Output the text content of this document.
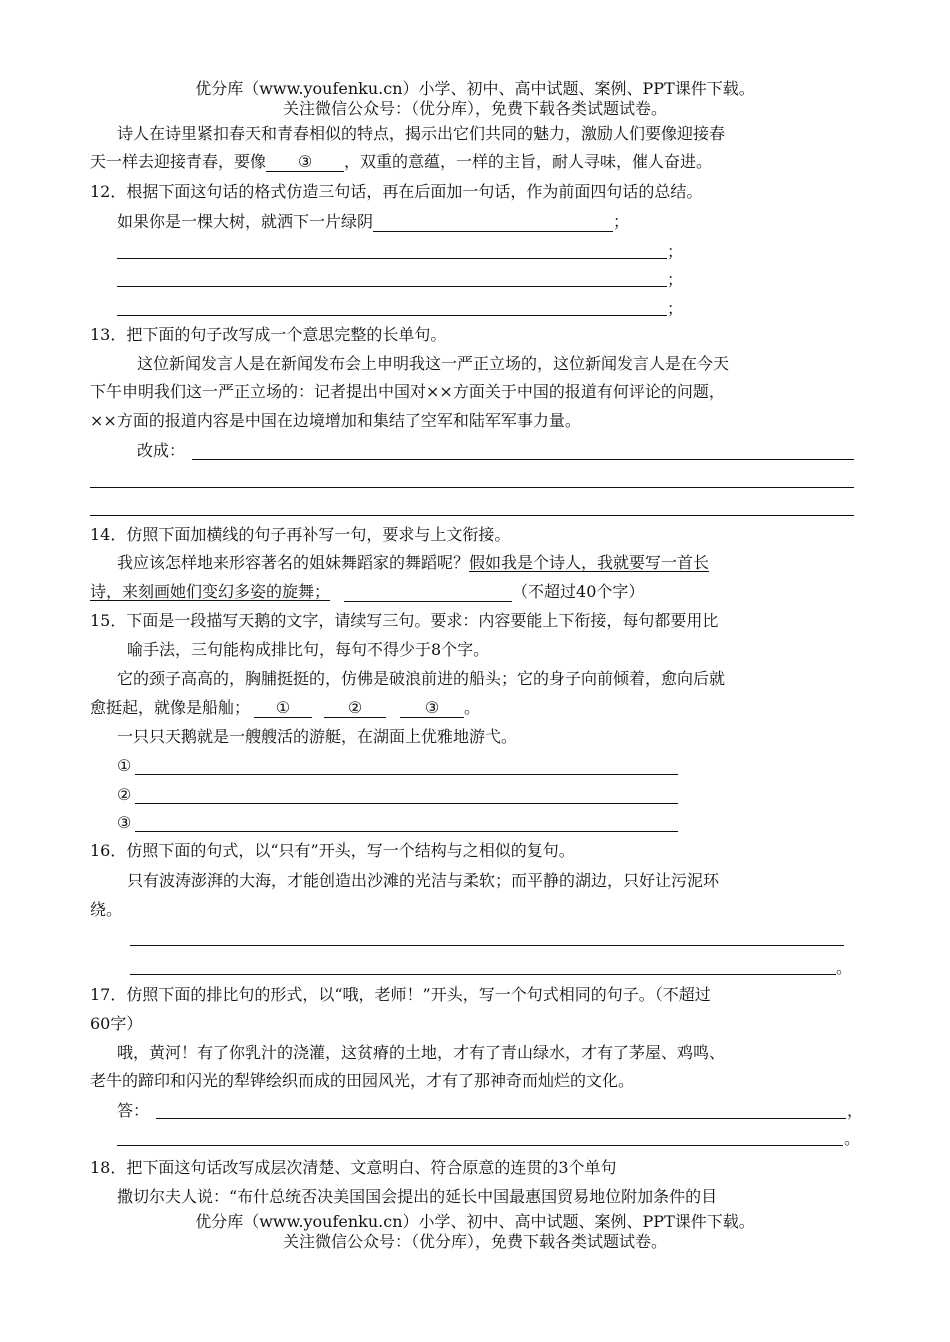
优分库（www.youfenku.cn）小学、初中、高中试题、案例、PPT课件下载。
关注微信公众号：（优分库），免费下载各类试题试卷。
诗人在诗里紧扣春天和青春相似的特点，揭示出它们共同的魅力，激励人们要像迎接春
天一样去迎接青春，要像 ③ ，双重的意蕴，一样的主旨，耐人寻味，催人奋进。
12．根据下面这句话的格式仿造三句话，再在后面加一句话，作为前面四句话的总结。
如果你是一棵大树，就洒下一片绿阴	；
；
；
；
13．把下面的句子改写成一个意思完整的长单句。
这位新闻发言人是在新闻发布会上申明我这一严正立场的，这位新闻发言人是在今天
下午申明我们这一严正立场的：记者提出中国对××方面关于中国的报道有何评论的问题，
××方面的报道内容是中国在边境增加和集结了空军和陆军军事力量。
改成：
14．仿照下面加横线的句子再补写一句，要求与上文衔接。
我应该怎样地来形容著名的姐妹舞蹈家的舞蹈呢？假如我是个诗人，我就要写一首长
诗，来刻画她们变幻多姿的旋舞；	（不超过40个字）
15．下面是一段描写天鹅的文字，请续写三句。要求：内容要能上下衔接，每句都要用比
喻手法，三句能构成排比句，每句不得少于8个字。
它的颈子高高的，胸脯挺挺的，仿佛是破浪前进的船头；它的身子向前倾着，愈向后就
愈挺起，就像是船舢； ①	②	③ 。
一只只天鹅就是一艘艘活的游艇，在湖面上优雅地游弋。
①
②
③
16．仿照下面的句式，以“只有”开头，写一个结构与之相似的复句。
只有波涛澎湃的大海，才能创造出沙滩的光洁与柔软；而平静的湖边，只好让污泥环
绕。
。
17．仿照下面的排比句的形式，以“哦，老师！”开头，写一个句式相同的句子。（不超过
60字）
哦，黄河！有了你乳汁的浇灌，这贫瘠的土地，才有了青山绿水，才有了茅屋、鸡鸣、
老牛的蹄印和闪光的犁铧绘织而成的田园风光，才有了那神奇而灿烂的文化。
答：	，
。
18．把下面这句话改写成层次清楚、文意明白、符合原意的连贯的3个单句
撒切尔夫人说：“布什总统否决美国国会提出的延长中国最惠国贸易地位附加条件的目
优分库（www.youfenku.cn）小学、初中、高中试题、案例、PPT课件下载。
关注微信公众号：（优分库），免费下载各类试题试卷。
